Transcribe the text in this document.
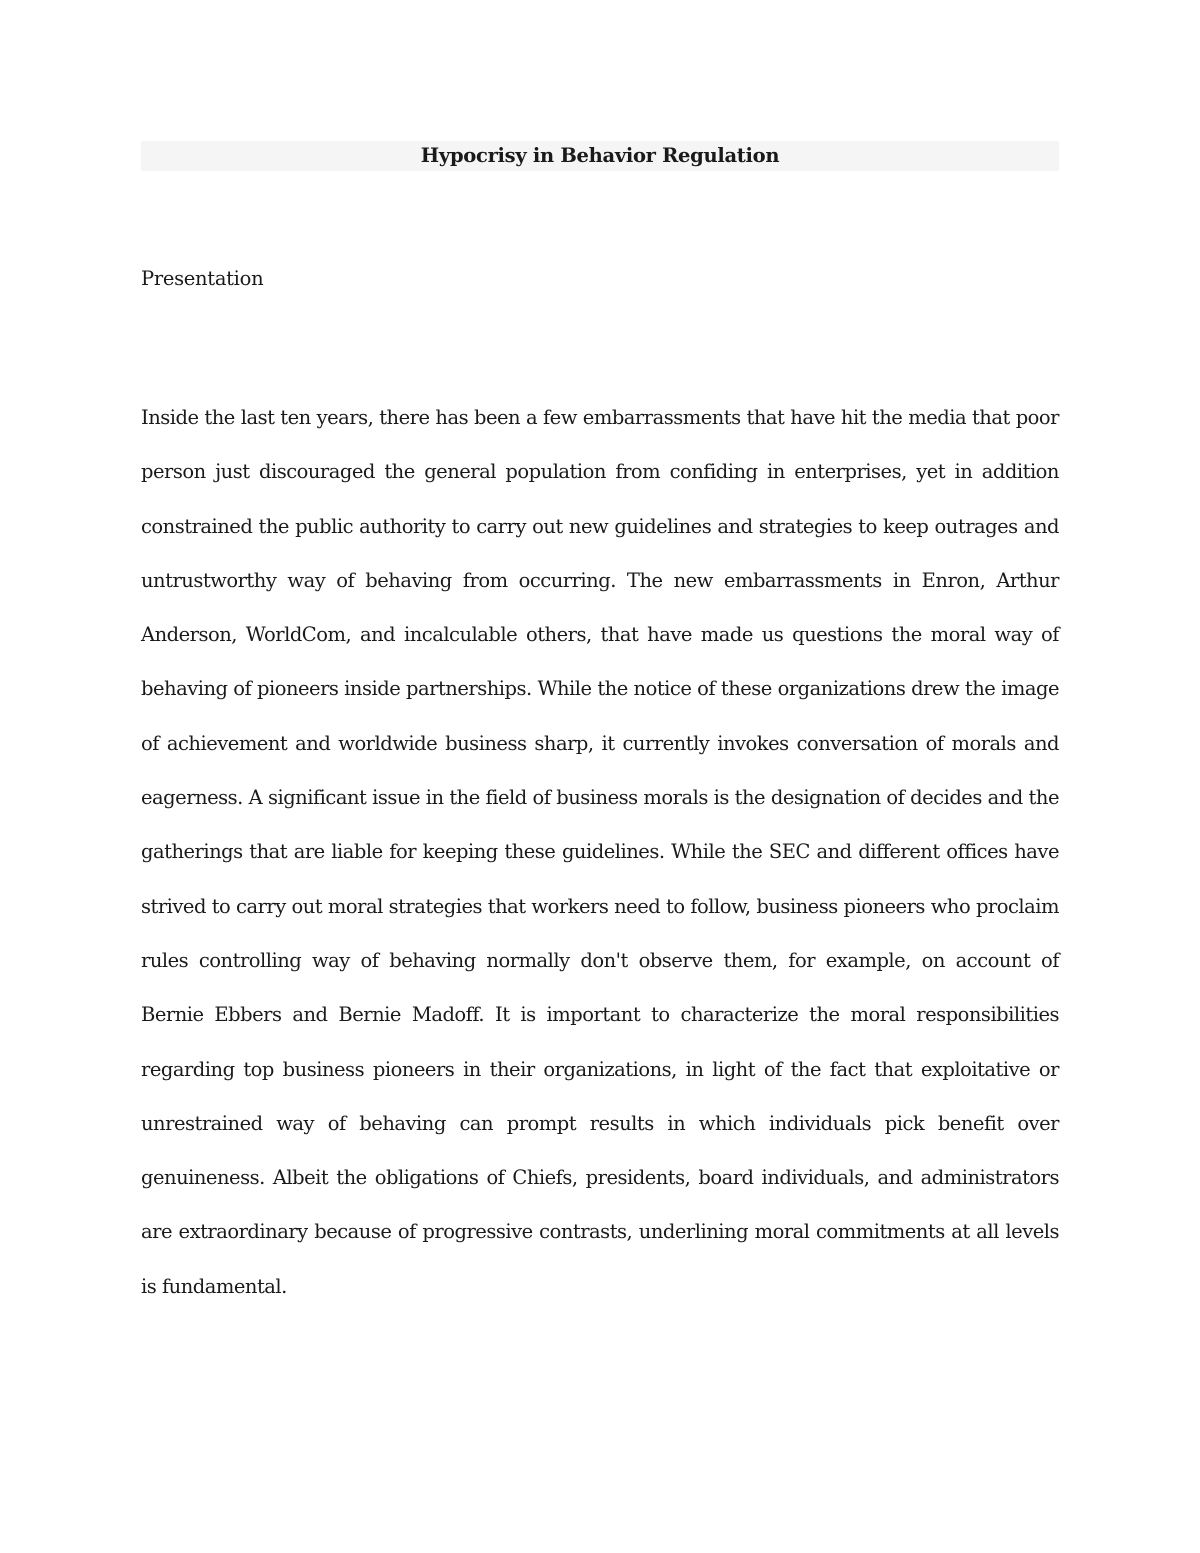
Hypocrisy in Behavior Regulation
Presentation

Inside the last ten years, there has been a few embarrassments that have hit the media that poor person just discouraged the general population from confiding in enterprises, yet in addition constrained the public authority to carry out new guidelines and strategies to keep outrages and untrustworthy way of behaving from occurring. The new embarrassments in Enron, Arthur Anderson, WorldCom, and incalculable others, that have made us questions the moral way of behaving of pioneers inside partnerships. While the notice of these organizations drew the image of achievement and worldwide business sharp, it currently invokes conversation of morals and eagerness. A significant issue in the field of business morals is the designation of decides and the gatherings that are liable for keeping these guidelines. While the SEC and different offices have strived to carry out moral strategies that workers need to follow, business pioneers who proclaim rules controlling way of behaving normally don't observe them, for example, on account of Bernie Ebbers and Bernie Madoff. It is important to characterize the moral responsibilities regarding top business pioneers in their organizations, in light of the fact that exploitative or unrestrained way of behaving can prompt results in which individuals pick benefit over genuineness. Albeit the obligations of Chiefs, presidents, board individuals, and administrators are extraordinary because of progressive contrasts, underlining moral commitments at all levels is fundamental.
